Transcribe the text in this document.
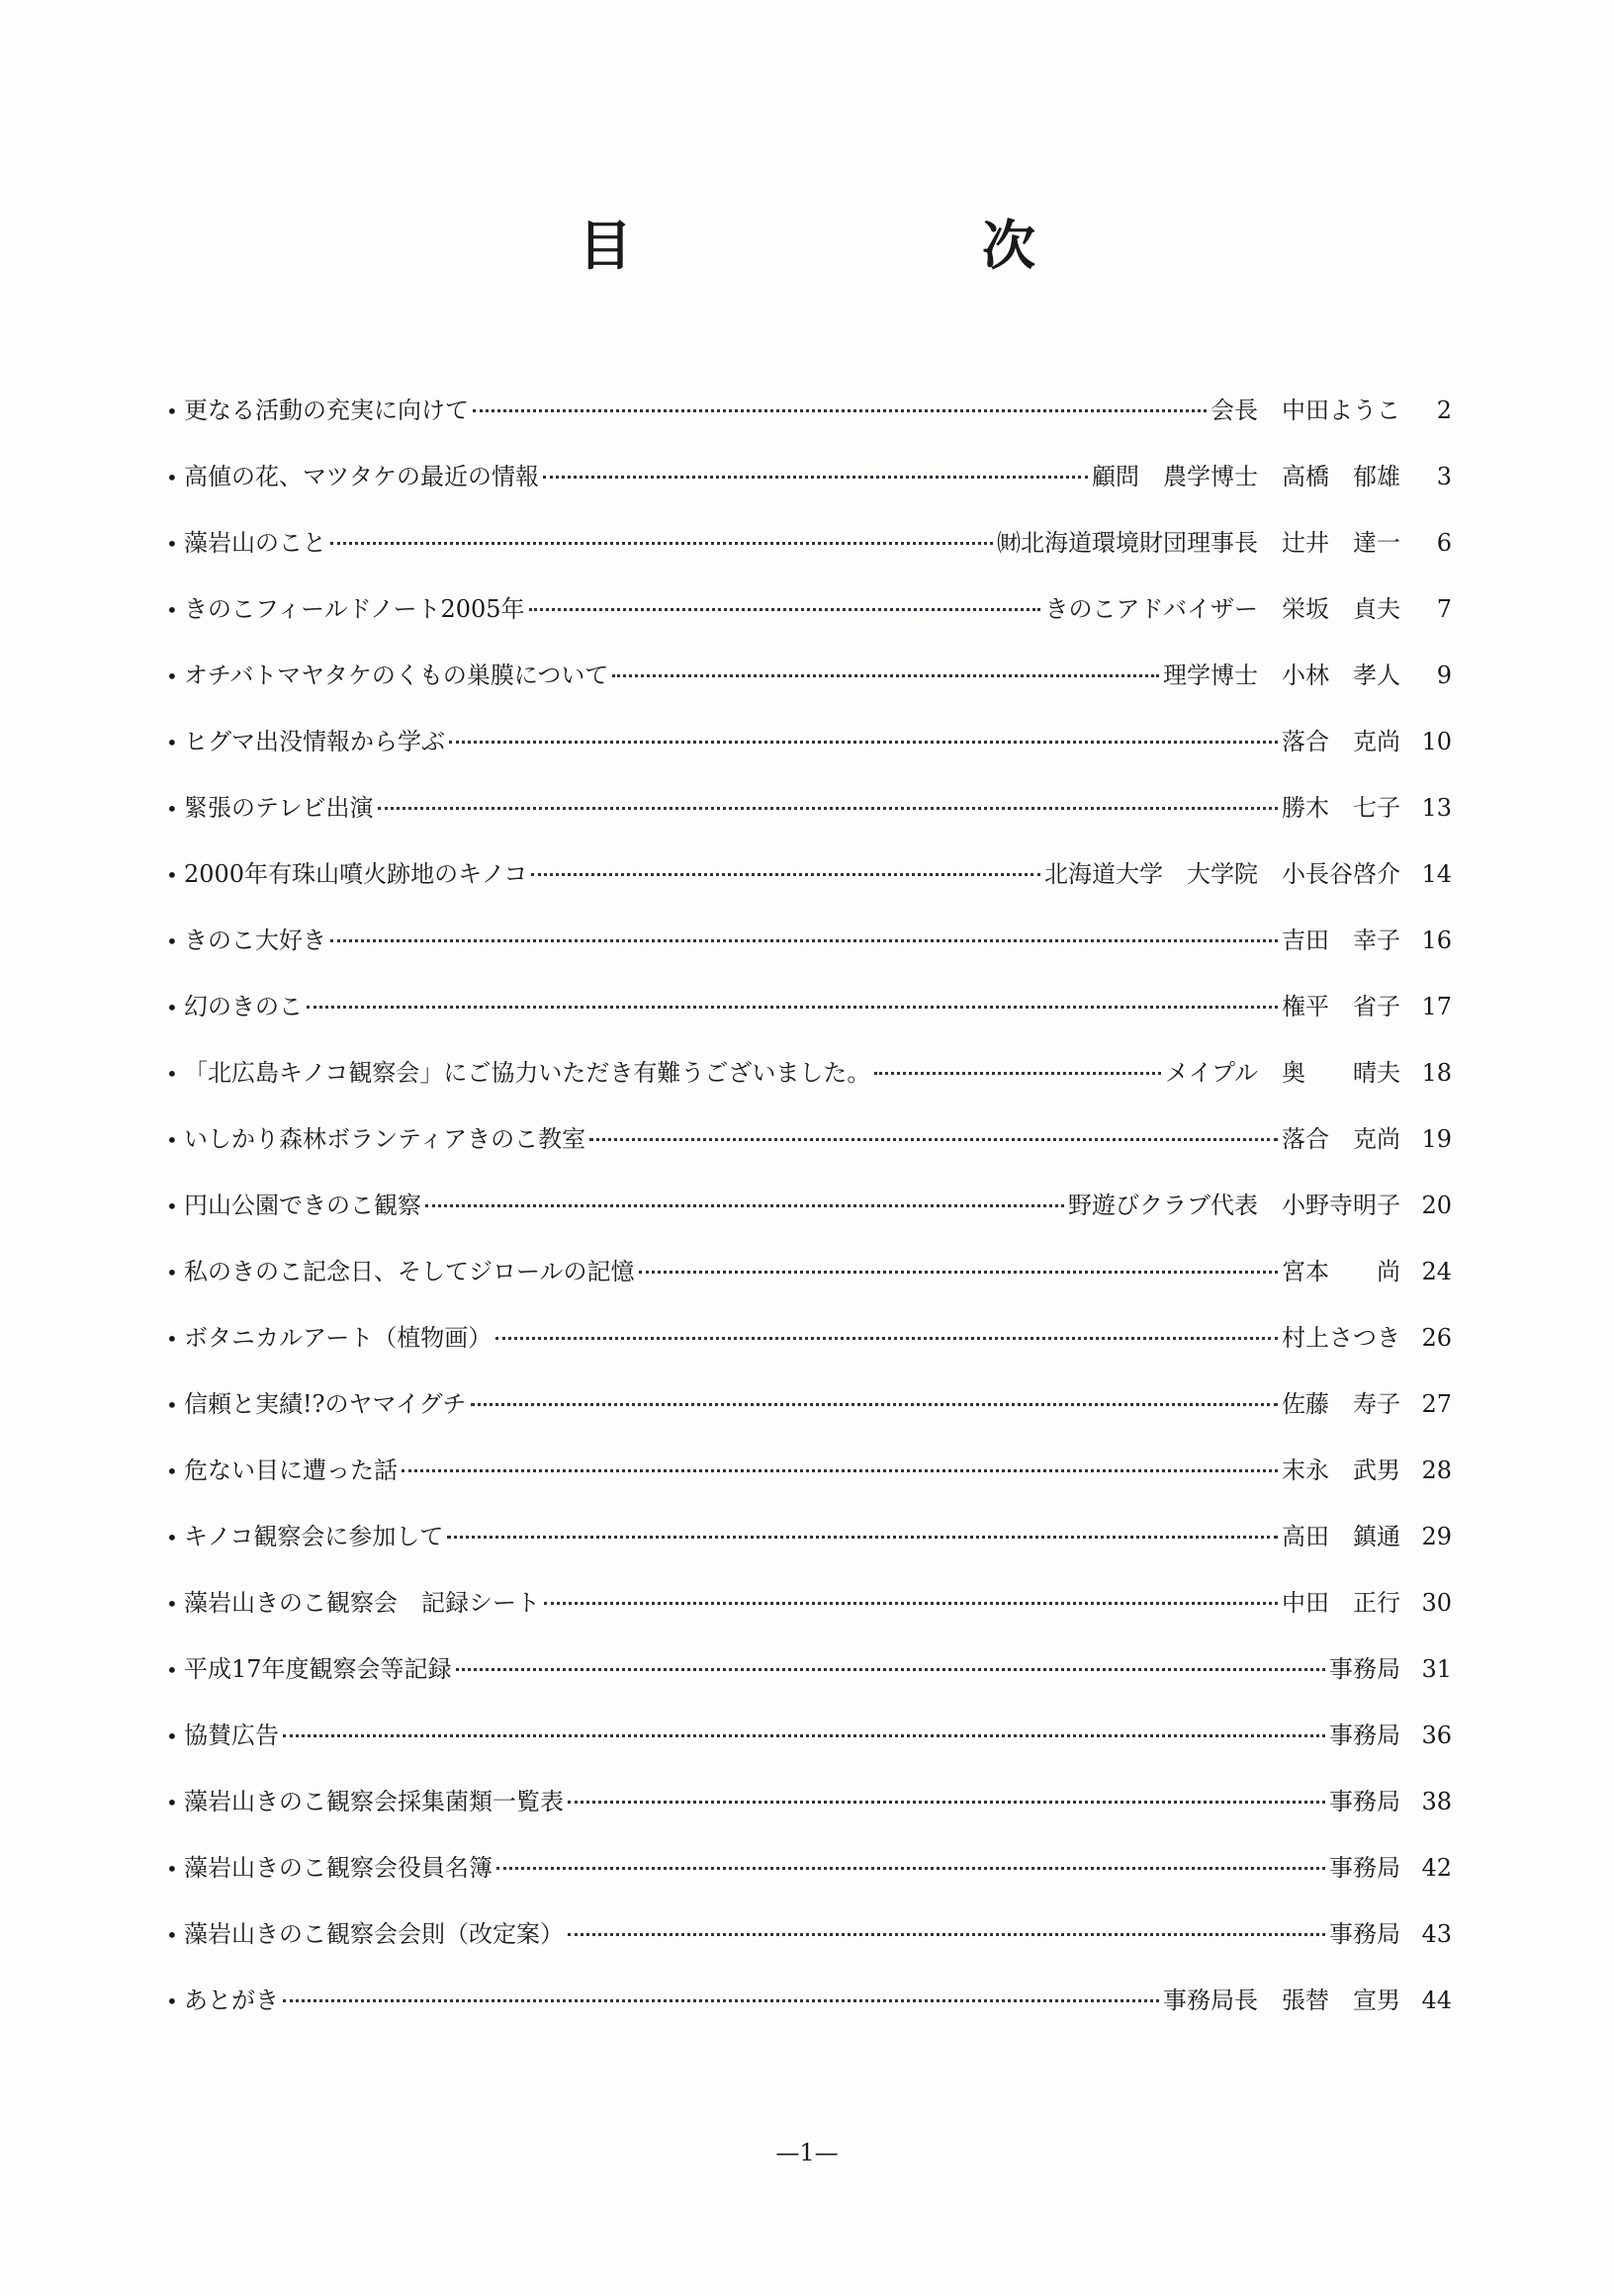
目　次
• 更なる活動の充実に向けて	会長　中田ようこ	2
• 高値の花、マツタケの最近の情報	顧問　農学博士　高橋　郁雄	3
• 藻岩山のこと	㈶北海道環境財団理事長　辻井　達一	6
• きのこフィールドノート2005年	きのこアドバイザー　栄坂　貞夫	7
• オチバトマヤタケのくもの巣膜について	理学博士　小林　孝人	9
• ヒグマ出没情報から学ぶ	落合　克尚 10
• 緊張のテレビ出演	勝木　七子 13
• 2000年有珠山噴火跡地のキノコ	北海道大学　大学院　小長谷啓介 14
• きのこ大好き	吉田　幸子 16
• 幻のきのこ	権平　省子 17
• 「北広島キノコ観察会」にご協力いただき有難うございました。	メイプル　奥　　晴夫 18
• いしかり森林ボランティアきのこ教室	落合　克尚 19
• 円山公園できのこ観察	野遊びクラブ代表　小野寺明子 20
• 私のきのこ記念日、そしてジロールの記憶	宮本　　尚 24
• ボタニカルアート（植物画）	村上さつき 26
• 信頼と実績!?のヤマイグチ	佐藤　寿子 27
• 危ない目に遭った話	末永　武男 28
• キノコ観察会に参加して	高田　鎮通 29
• 藻岩山きのこ観察会　記録シート	中田　正行 30
• 平成17年度観察会等記録	事務局 31
• 協賛広告	事務局 36
• 藻岩山きのこ観察会採集菌類一覧表	事務局 38
• 藻岩山きのこ観察会役員名簿	事務局 42
• 藻岩山きのこ観察会会則（改定案）	事務局 43
• あとがき	事務局長　張替　宣男 44
—1—
